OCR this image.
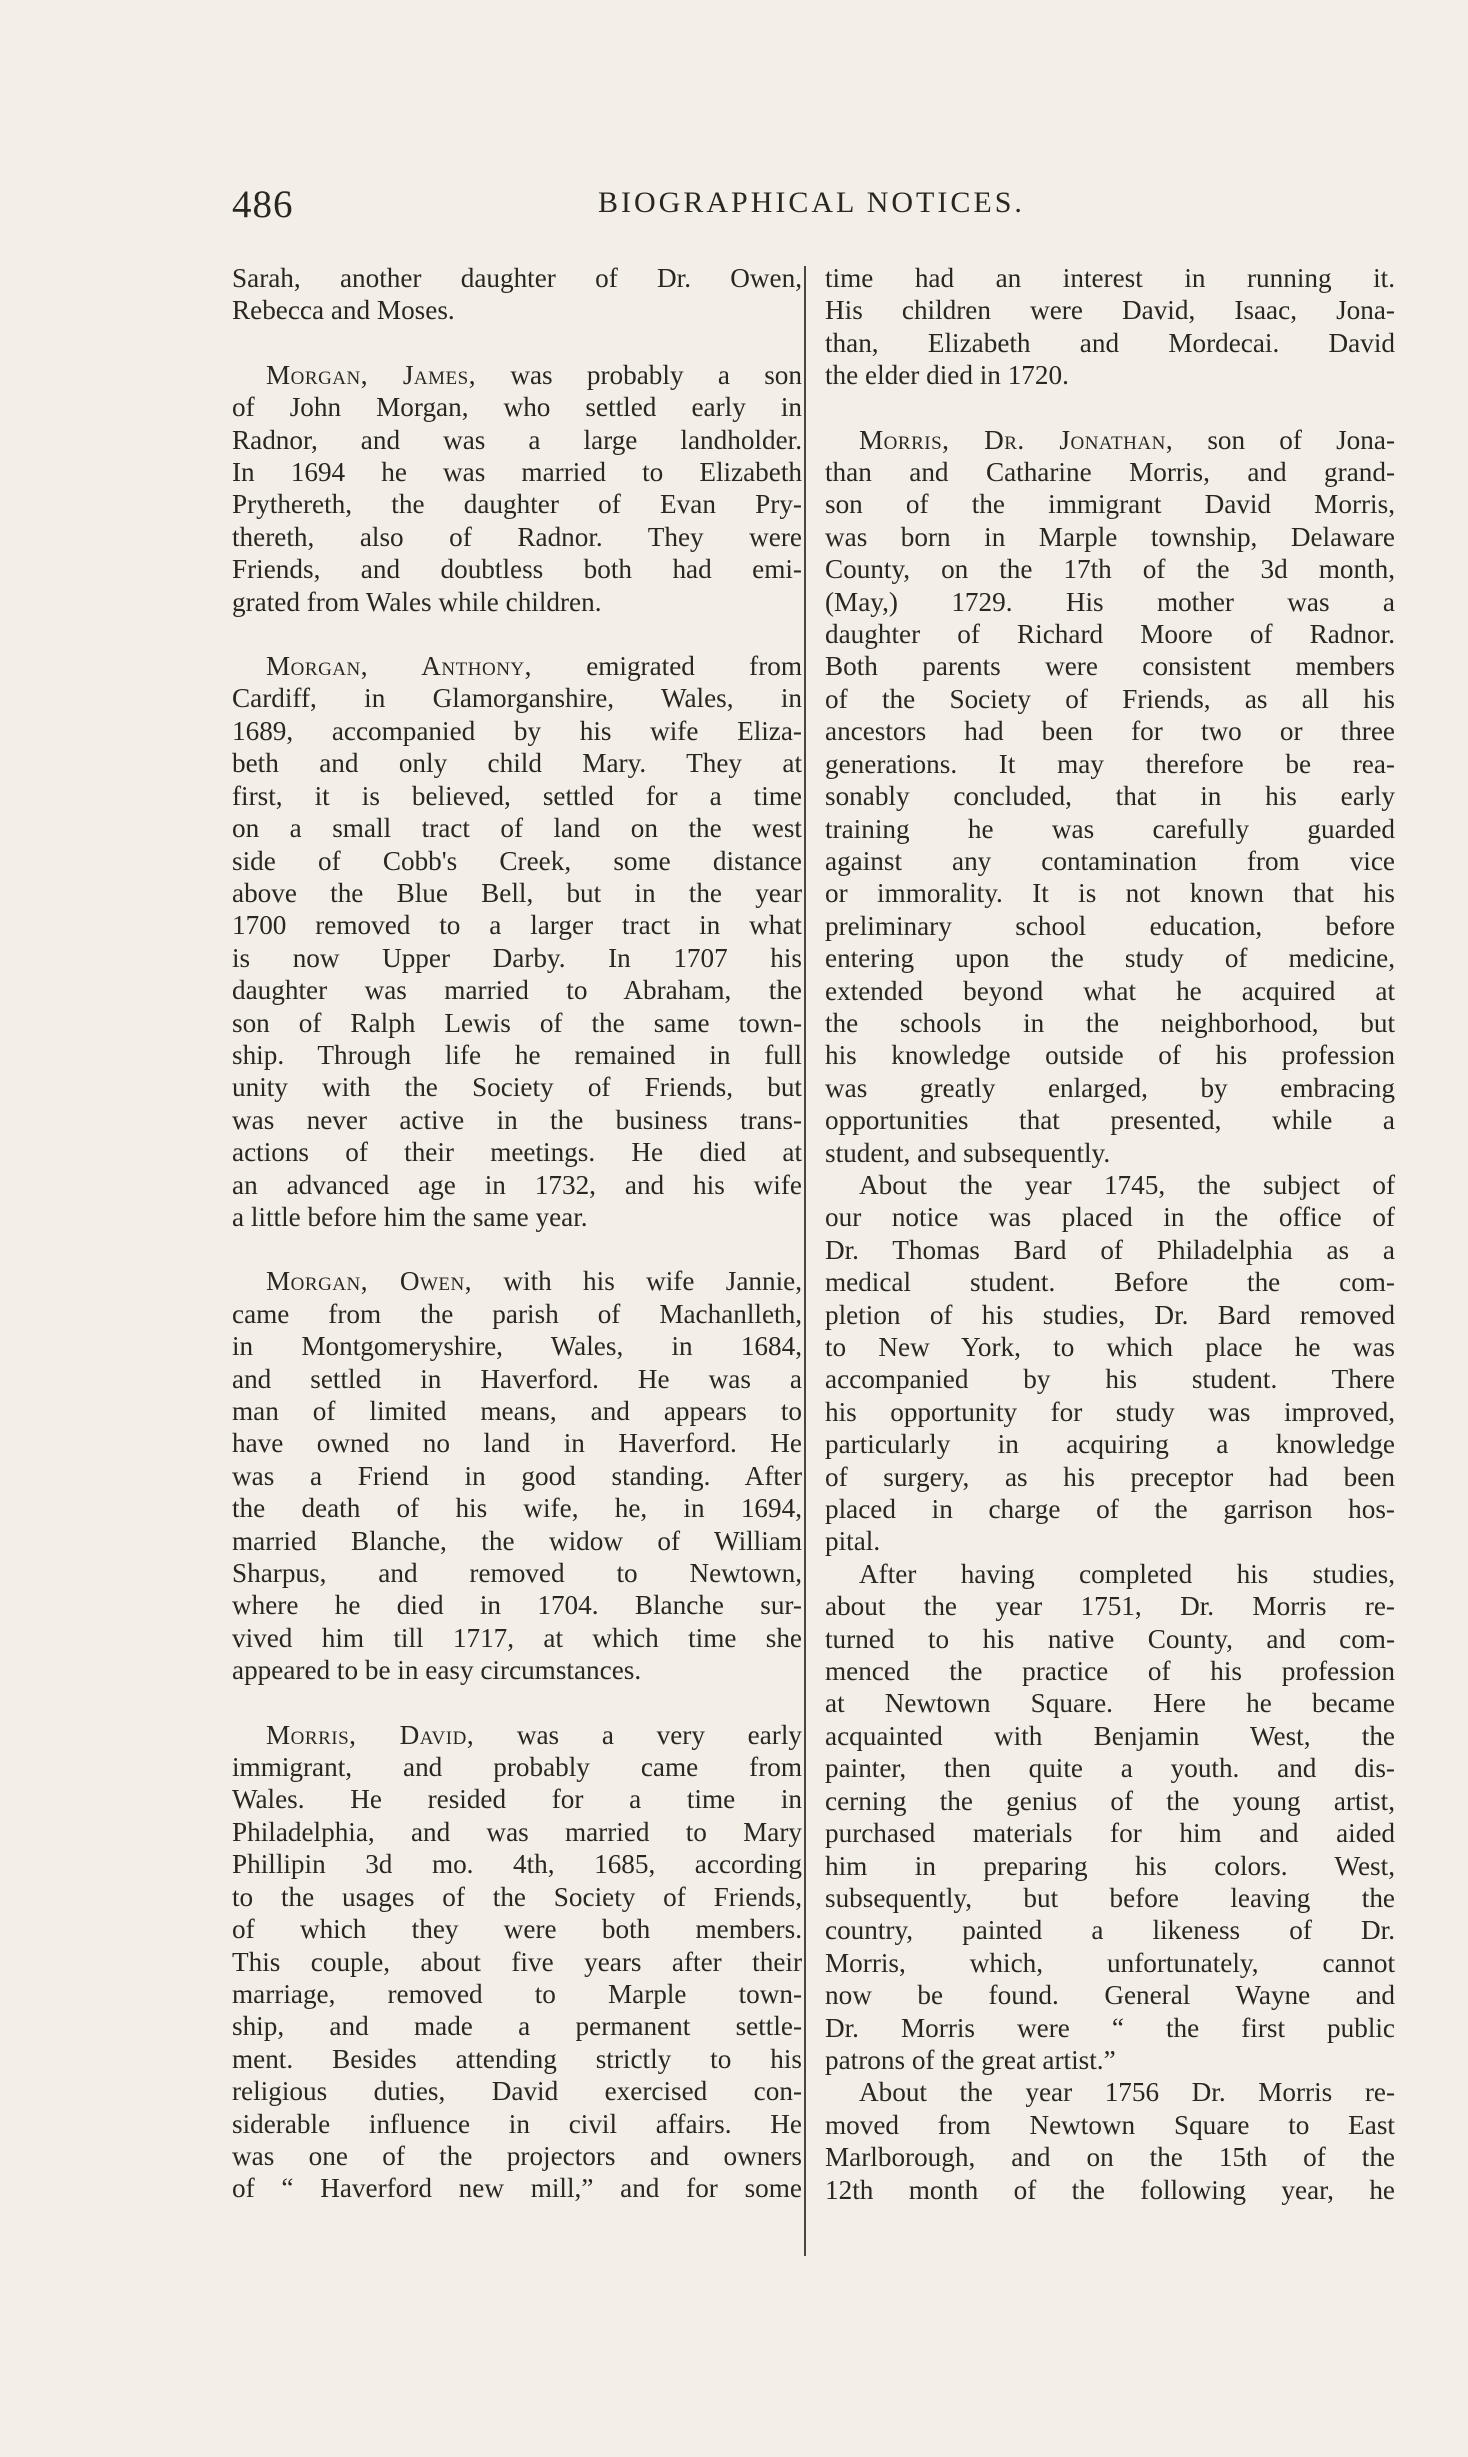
486	BIOGRAPHICAL NOTICES.
Sarah, another daughter of Dr. Owen,
Rebecca and Moses.
Morgan, James, was probably a son
of John Morgan, who settled early in
Radnor, and was a large landholder.
In 1694 he was married to Elizabeth
Prythereth, the daughter of Evan Pry-
thereth, also of Radnor. They were
Friends, and doubtless both had emi-
grated from Wales while children.
Morgan, Anthony, emigrated from
Cardiff, in Glamorganshire, Wales, in
1689, accompanied by his wife Eliza-
beth and only child Mary. They at
first, it is believed, settled for a time
on a small tract of land on the west
side of Cobb's Creek, some distance
above the Blue Bell, but in the year
1700 removed to a larger tract in what
is now Upper Darby. In 1707 his
daughter was married to Abraham, the
son of Ralph Lewis of the same town-
ship. Through life he remained in full
unity with the Society of Friends, but
was never active in the business trans-
actions of their meetings. He died at
an advanced age in 1732, and his wife
a little before him the same year.
Morgan, Owen, with his wife Jannie,
came from the parish of Machanlleth,
in Montgomeryshire, Wales, in 1684,
and settled in Haverford. He was a
man of limited means, and appears to
have owned no land in Haverford. He
was a Friend in good standing. After
the death of his wife, he, in 1694,
married Blanche, the widow of William
Sharpus, and removed to Newtown,
where he died in 1704. Blanche sur-
vived him till 1717, at which time she
appeared to be in easy circumstances.
Morris, David, was a very early
immigrant, and probably came from
Wales. He resided for a time in
Philadelphia, and was married to Mary
Phillipin 3d mo. 4th, 1685, according
to the usages of the Society of Friends,
of which they were both members.
This couple, about five years after their
marriage, removed to Marple town-
ship, and made a permanent settle-
ment. Besides attending strictly to his
religious duties, David exercised con-
siderable influence in civil affairs. He
was one of the projectors and owners
of “ Haverford new mill,” and for some
time had an interest in running it.
His children were David, Isaac, Jona-
than, Elizabeth and Mordecai. David
the elder died in 1720.
Morris, Dr. Jonathan, son of Jona-
than and Catharine Morris, and grand-
son of the immigrant David Morris,
was born in Marple township, Delaware
County, on the 17th of the 3d month,
(May,) 1729. His mother was a
daughter of Richard Moore of Radnor.
Both parents were consistent members
of the Society of Friends, as all his
ancestors had been for two or three
generations. It may therefore be rea-
sonably concluded, that in his early
training he was carefully guarded
against any contamination from vice
or immorality. It is not known that his
preliminary school education, before
entering upon the study of medicine,
extended beyond what he acquired at
the schools in the neighborhood, but
his knowledge outside of his profession
was greatly enlarged, by embracing
opportunities that presented, while a
student, and subsequently.
About the year 1745, the subject of
our notice was placed in the office of
Dr. Thomas Bard of Philadelphia as a
medical student. Before the com-
pletion of his studies, Dr. Bard removed
to New York, to which place he was
accompanied by his student. There
his opportunity for study was improved,
particularly in acquiring a knowledge
of surgery, as his preceptor had been
placed in charge of the garrison hos-
pital.
After having completed his studies,
about the year 1751, Dr. Morris re-
turned to his native County, and com-
menced the practice of his profession
at Newtown Square. Here he became
acquainted with Benjamin West, the
painter, then quite a youth. and dis-
cerning the genius of the young artist,
purchased materials for him and aided
him in preparing his colors. West,
subsequently, but before leaving the
country, painted a likeness of Dr.
Morris, which, unfortunately, cannot
now be found. General Wayne and
Dr. Morris were “ the first public
patrons of the great artist.”
About the year 1756 Dr. Morris re-
moved from Newtown Square to East
Marlborough, and on the 15th of the
12th month of the following year, he
